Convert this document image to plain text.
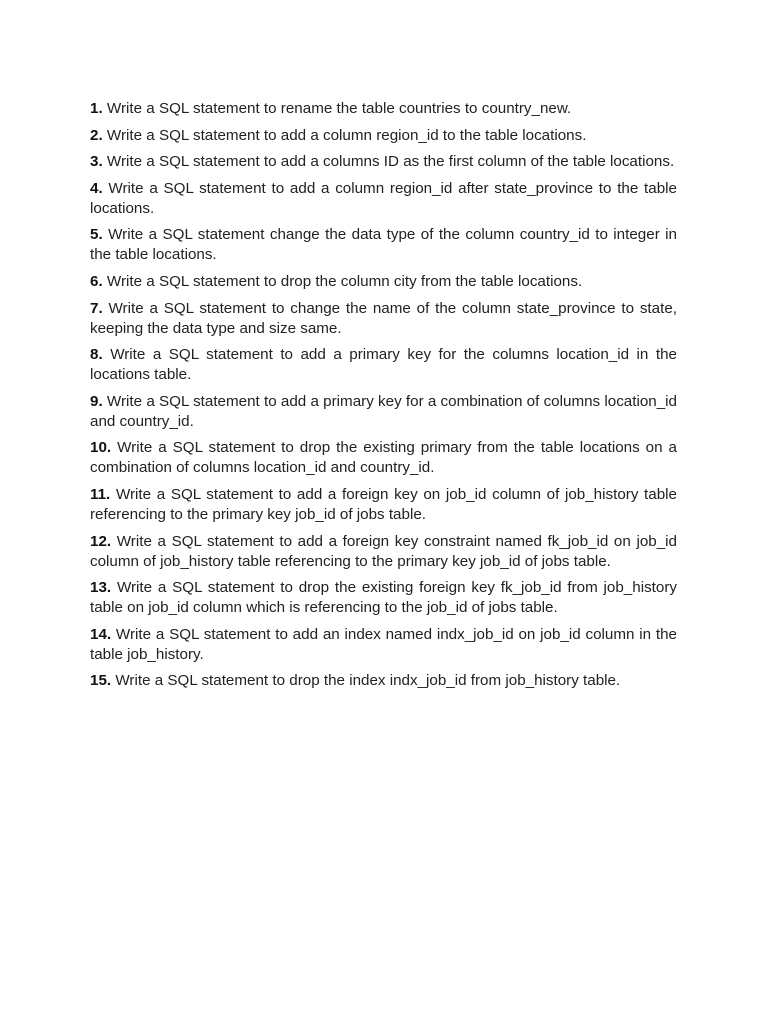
1. Write a SQL statement to rename the table countries to country_new.
2. Write a SQL statement to add a column region_id to the table locations.
3. Write a SQL statement to add a columns ID as the first column of the table locations.
4. Write a SQL statement to add a column region_id after state_province to the table locations.
5. Write a SQL statement change the data type of the column country_id to integer in the table locations.
6. Write a SQL statement to drop the column city from the table locations.
7. Write a SQL statement to change the name of the column state_province to state, keeping the data type and size same.
8. Write a SQL statement to add a primary key for the columns location_id in the locations table.
9. Write a SQL statement to add a primary key for a combination of columns location_id and country_id.
10. Write a SQL statement to drop the existing primary from the table locations on a combination of columns location_id and country_id.
11. Write a SQL statement to add a foreign key on job_id column of job_history table referencing to the primary key job_id of jobs table.
12. Write a SQL statement to add a foreign key constraint named fk_job_id on job_id column of job_history table referencing to the primary key job_id of jobs table.
13. Write a SQL statement to drop the existing foreign key fk_job_id from job_history table on job_id column which is referencing to the job_id of jobs table.
14. Write a SQL statement to add an index named indx_job_id on job_id column in the table job_history.
15. Write a SQL statement to drop the index indx_job_id from job_history table.
